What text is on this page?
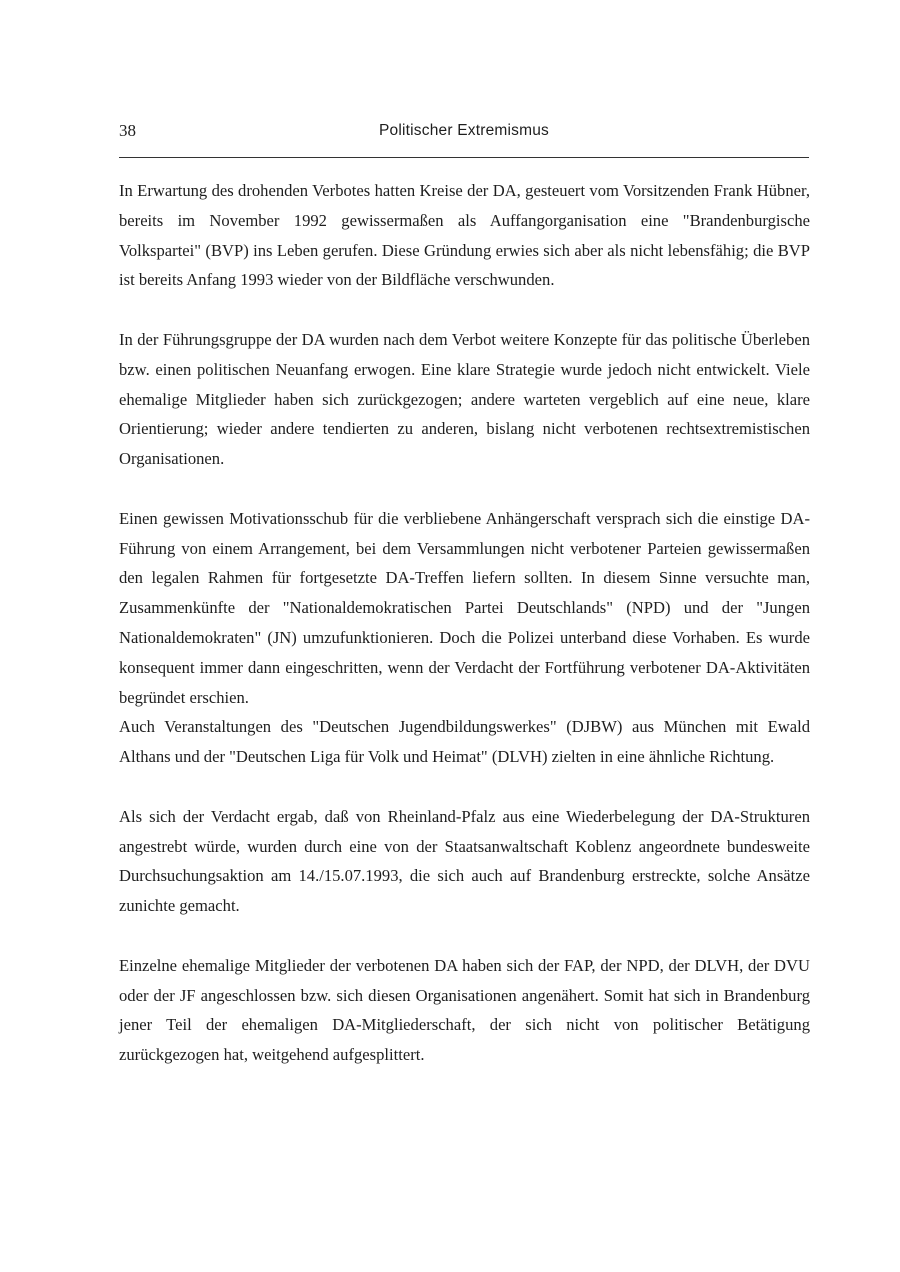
38	Politischer Extremismus

In Erwartung des drohenden Verbotes hatten Kreise der DA, gesteuert vom Vorsitzenden Frank Hübner, bereits im November 1992 gewissermaßen als Auffangorganisation eine "Brandenburgische Volkspartei" (BVP) ins Leben gerufen. Diese Gründung erwies sich aber als nicht lebensfähig; die BVP ist bereits Anfang 1993 wieder von der Bildfläche verschwunden.

In der Führungsgruppe der DA wurden nach dem Verbot weitere Konzepte für das politische Überleben bzw. einen politischen Neuanfang erwogen. Eine klare Strategie wurde jedoch nicht entwickelt. Viele ehemalige Mitglieder haben sich zurückgezogen; andere warteten vergeblich auf eine neue, klare Orientierung; wieder andere tendierten zu anderen, bislang nicht verbotenen rechtsextremistischen Organisationen.

Einen gewissen Motivationsschub für die verbliebene Anhängerschaft versprach sich die einstige DA-Führung von einem Arrangement, bei dem Versammlungen nicht verbotener Parteien gewissermaßen den legalen Rahmen für fortgesetzte DA-Treffen liefern sollten. In diesem Sinne versuchte man, Zusammenkünfte der "Nationaldemokratischen Partei Deutschlands" (NPD) und der "Jungen Nationaldemokraten" (JN) umzufunktionieren. Doch die Polizei unterband diese Vorhaben. Es wurde konsequent immer dann eingeschritten, wenn der Verdacht der Fortführung verbotener DA-Aktivitäten begründet erschien.

Auch Veranstaltungen des "Deutschen Jugendbildungswerkes" (DJBW) aus München mit Ewald Althans und der "Deutschen Liga für Volk und Heimat" (DLVH) zielten in eine ähnliche Richtung.

Als sich der Verdacht ergab, daß von Rheinland-Pfalz aus eine Wiederbelegung der DA-Strukturen angestrebt würde, wurden durch eine von der Staatsanwaltschaft Koblenz angeordnete bundesweite Durchsuchungsaktion am 14./15.07.1993, die sich auch auf Brandenburg erstreckte, solche Ansätze zunichte gemacht.

Einzelne ehemalige Mitglieder der verbotenen DA haben sich der FAP, der NPD, der DLVH, der DVU oder der JF angeschlossen bzw. sich diesen Organisationen angenähert. Somit hat sich in Brandenburg jener Teil der ehemaligen DA-Mitgliederschaft, der sich nicht von politischer Betätigung zurückgezogen hat, weitgehend aufgesplittert.
